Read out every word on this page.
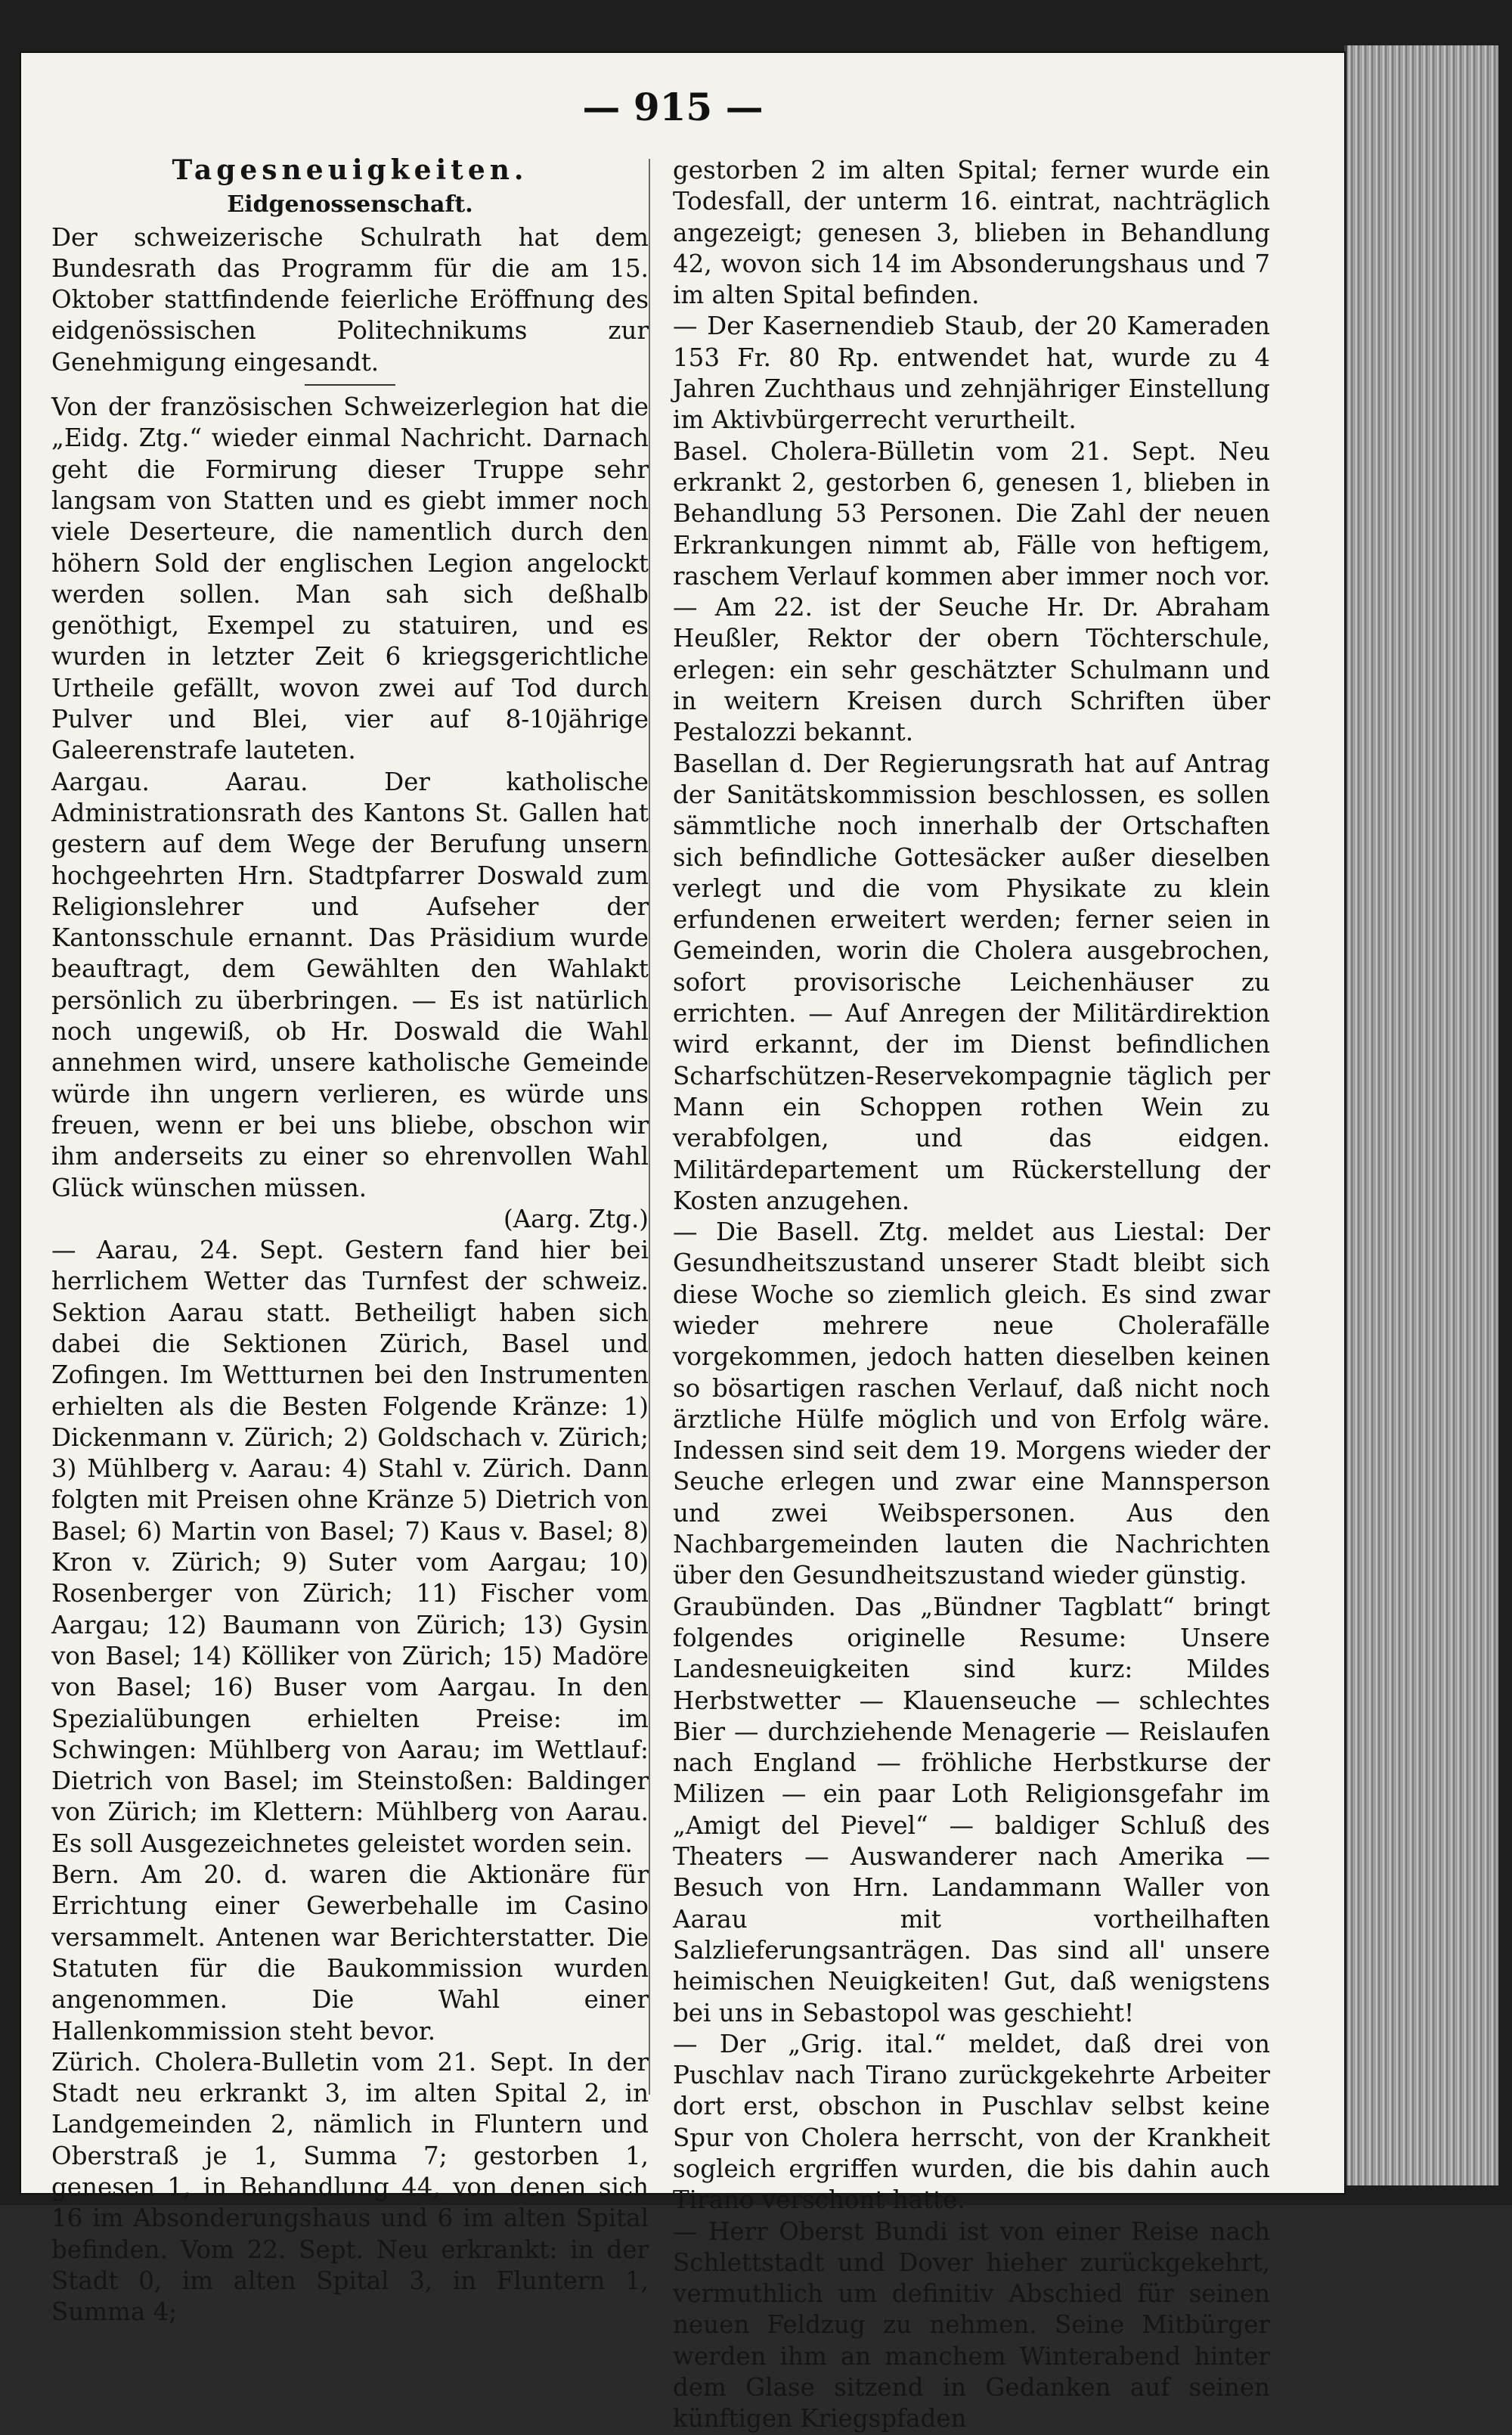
— 915 —
Tagesneuigkeiten.
Eidgenossenschaft.

Der schweizerische Schulrath hat dem Bundesrath das Programm für die am 15. Oktober stattfindende feierliche Eröffnung des eidgenössischen Politechnikums zur Genehmigung eingesandt.

Von der französischen Schweizerlegion hat die „Eidg. Ztg.“ wieder einmal Nachricht. Darnach geht die Formirung dieser Truppe sehr langsam von Statten und es giebt immer noch viele Deserteure, die namentlich durch den höhern Sold der englischen Legion angelockt werden sollen. Man sah sich deßhalb genöthigt, Exempel zu statuiren, und es wurden in letzter Zeit 6 kriegsgerichtliche Urtheile gefällt, wovon zwei auf Tod durch Pulver und Blei, vier auf 8-10jährige Galeerenstrafe lauteten.

Aargau. Aarau. Der katholische Administrationsrath des Kantons St. Gallen hat gestern auf dem Wege der Berufung unsern hochgeehrten Hrn. Stadtpfarrer Doswald zum Religionslehrer und Aufseher der Kantonsschule ernannt. Das Präsidium wurde beauftragt, dem Gewählten den Wahlakt persönlich zu überbringen. — Es ist natürlich noch ungewiß, ob Hr. Doswald die Wahl annehmen wird, unsere katholische Gemeinde würde ihn ungern verlieren, es würde uns freuen, wenn er bei uns bliebe, obschon wir ihm anderseits zu einer so ehrenvollen Wahl Glück wünschen müssen.

(Aarg. Ztg.)

— Aarau, 24. Sept. Gestern fand hier bei herrlichem Wetter das Turnfest der schweiz. Sektion Aarau statt. Betheiligt haben sich dabei die Sektionen Zürich, Basel und Zofingen. Im Wettturnen bei den Instrumenten erhielten als die Besten Folgende Kränze: 1) Dickenmann v. Zürich; 2) Goldschach v. Zürich; 3) Mühlberg v. Aarau: 4) Stahl v. Zürich. Dann folgten mit Preisen ohne Kränze 5) Dietrich von Basel; 6) Martin von Basel; 7) Kaus v. Basel; 8) Kron v. Zürich; 9) Suter vom Aargau; 10) Rosenberger von Zürich; 11) Fischer vom Aargau; 12) Baumann von Zürich; 13) Gysin von Basel; 14) Kölliker von Zürich; 15) Madöre von Basel; 16) Buser vom Aargau. In den Spezialübungen erhielten Preise: im Schwingen: Mühlberg von Aarau; im Wettlauf: Dietrich von Basel; im Steinstoßen: Baldinger von Zürich; im Klettern: Mühlberg von Aarau. Es soll Ausgezeichnetes geleistet worden sein.

Bern. Am 20. d. waren die Aktionäre für Errichtung einer Gewerbehalle im Casino versammelt. Antenen war Berichterstatter. Die Statuten für die Baukommission wurden angenommen. Die Wahl einer Hallenkommission steht bevor.

Zürich. Cholera-Bulletin vom 21. Sept. In der Stadt neu erkrankt 3, im alten Spital 2, in Landgemeinden 2, nämlich in Fluntern und Oberstraß je 1, Summa 7; gestorben 1, genesen 1, in Behandlung 44, von denen sich 16 im Absonderungshaus und 6 im alten Spital befinden. Vom 22. Sept. Neu erkrankt: in der Stadt 0, im alten Spital 3, in Fluntern 1, Summa 4;

gestorben 2 im alten Spital; ferner wurde ein Todesfall, der unterm 16. eintrat, nachträglich angezeigt; genesen 3, blieben in Behandlung 42, wovon sich 14 im Absonderungshaus und 7 im alten Spital befinden.

— Der Kasernendieb Staub, der 20 Kameraden 153 Fr. 80 Rp. entwendet hat, wurde zu 4 Jahren Zuchthaus und zehnjähriger Einstellung im Aktivbürgerrecht verurtheilt.

Basel. Cholera-Bülletin vom 21. Sept. Neu erkrankt 2, gestorben 6, genesen 1, blieben in Behandlung 53 Personen. Die Zahl der neuen Erkrankungen nimmt ab, Fälle von heftigem, raschem Verlauf kommen aber immer noch vor. — Am 22. ist der Seuche Hr. Dr. Abraham Heußler, Rektor der obern Töchterschule, erlegen: ein sehr geschätzter Schulmann und in weitern Kreisen durch Schriften über Pestalozzi bekannt.

Basellan d. Der Regierungsrath hat auf Antrag der Sanitätskommission beschlossen, es sollen sämmtliche noch innerhalb der Ortschaften sich befindliche Gottesäcker außer dieselben verlegt und die vom Physikate zu klein erfundenen erweitert werden; ferner seien in Gemeinden, worin die Cholera ausgebrochen, sofort provisorische Leichenhäuser zu errichten. — Auf Anregen der Militärdirektion wird erkannt, der im Dienst befindlichen Scharfschützen-Reservekompagnie täglich per Mann ein Schoppen rothen Wein zu verabfolgen, und das eidgen. Militärdepartement um Rückerstellung der Kosten anzugehen.

— Die Basell. Ztg. meldet aus Liestal: Der Gesundheitszustand unserer Stadt bleibt sich diese Woche so ziemlich gleich. Es sind zwar wieder mehrere neue Cholerafälle vorgekommen, jedoch hatten dieselben keinen so bösartigen raschen Verlauf, daß nicht noch ärztliche Hülfe möglich und von Erfolg wäre. Indessen sind seit dem 19. Morgens wieder der Seuche erlegen und zwar eine Mannsperson und zwei Weibspersonen. Aus den Nachbargemeinden lauten die Nachrichten über den Gesundheitszustand wieder günstig.

Graubünden. Das „Bündner Tagblatt“ bringt folgendes originelle Resume: Unsere Landesneuigkeiten sind kurz: Mildes Herbstwetter — Klauenseuche — schlechtes Bier — durchziehende Menagerie — Reislaufen nach England — fröhliche Herbstkurse der Milizen — ein paar Loth Religionsgefahr im „Amigt del Pievel“ — baldiger Schluß des Theaters — Auswanderer nach Amerika — Besuch von Hrn. Landammann Waller von Aarau mit vortheilhaften Salzlieferungsanträgen. Das sind all' unsere heimischen Neuigkeiten! Gut, daß wenigstens bei uns in Sebastopol was geschieht!

— Der „Grig. ital.“ meldet, daß drei von Puschlav nach Tirano zurückgekehrte Arbeiter dort erst, obschon in Puschlav selbst keine Spur von Cholera herrscht, von der Krankheit sogleich ergriffen wurden, die bis dahin auch Tirano verschont hatte.

— Herr Oberst Bundi ist von einer Reise nach Schlettstadt und Dover hieher zurückgekehrt, vermuthlich um definitiv Abschied für seinen neuen Feldzug zu nehmen. Seine Mitbürger werden ihm an manchem Winterabend hinter dem Glase sitzend in Gedanken auf seinen künftigen Kriegspfaden
